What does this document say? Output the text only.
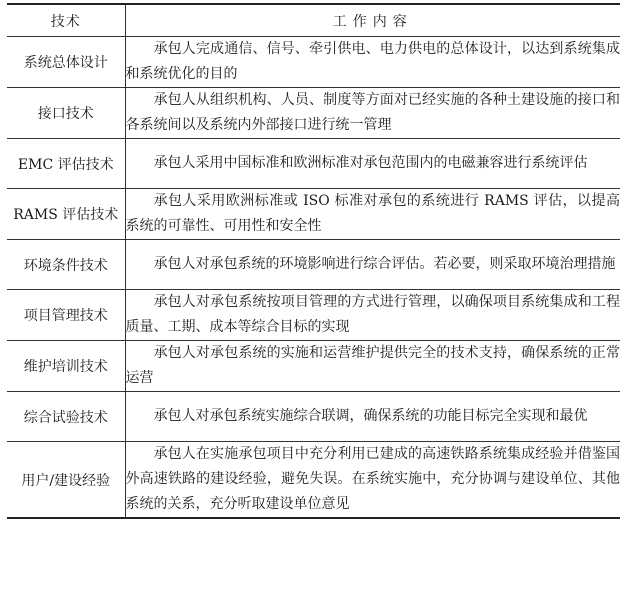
技术	工作内容
系统总体设计	承包人完成通信、信号、牵引供电、电力供电的总体设计，以达到系统集成和系统优化的目的
接口技术	承包人从组织机构、人员、制度等方面对已经实施的各种土建设施的接口和各系统间以及系统内外部接口进行统一管理
EMC 评估技术	承包人采用中国标准和欧洲标准对承包范围内的电磁兼容进行系统评估
RAMS 评估技术	承包人采用欧洲标准或 ISO 标准对承包的系统进行 RAMS 评估，以提高系统的可靠性、可用性和安全性
环境条件技术	承包人对承包系统的环境影响进行综合评估。若必要，则采取环境治理措施
项目管理技术	承包人对承包系统按项目管理的方式进行管理，以确保项目系统集成和工程质量、工期、成本等综合目标的实现
维护培训技术	承包人对承包系统的实施和运营维护提供完全的技术支持，确保系统的正常运营
综合试验技术	承包人对承包系统实施综合联调，确保系统的功能目标完全实现和最优
用户/建设经验	承包人在实施承包项目中充分利用已建成的高速铁路系统集成经验并借鉴国外高速铁路的建设经验，避免失误。在系统实施中，充分协调与建设单位、其他系统的关系，充分听取建设单位意见
